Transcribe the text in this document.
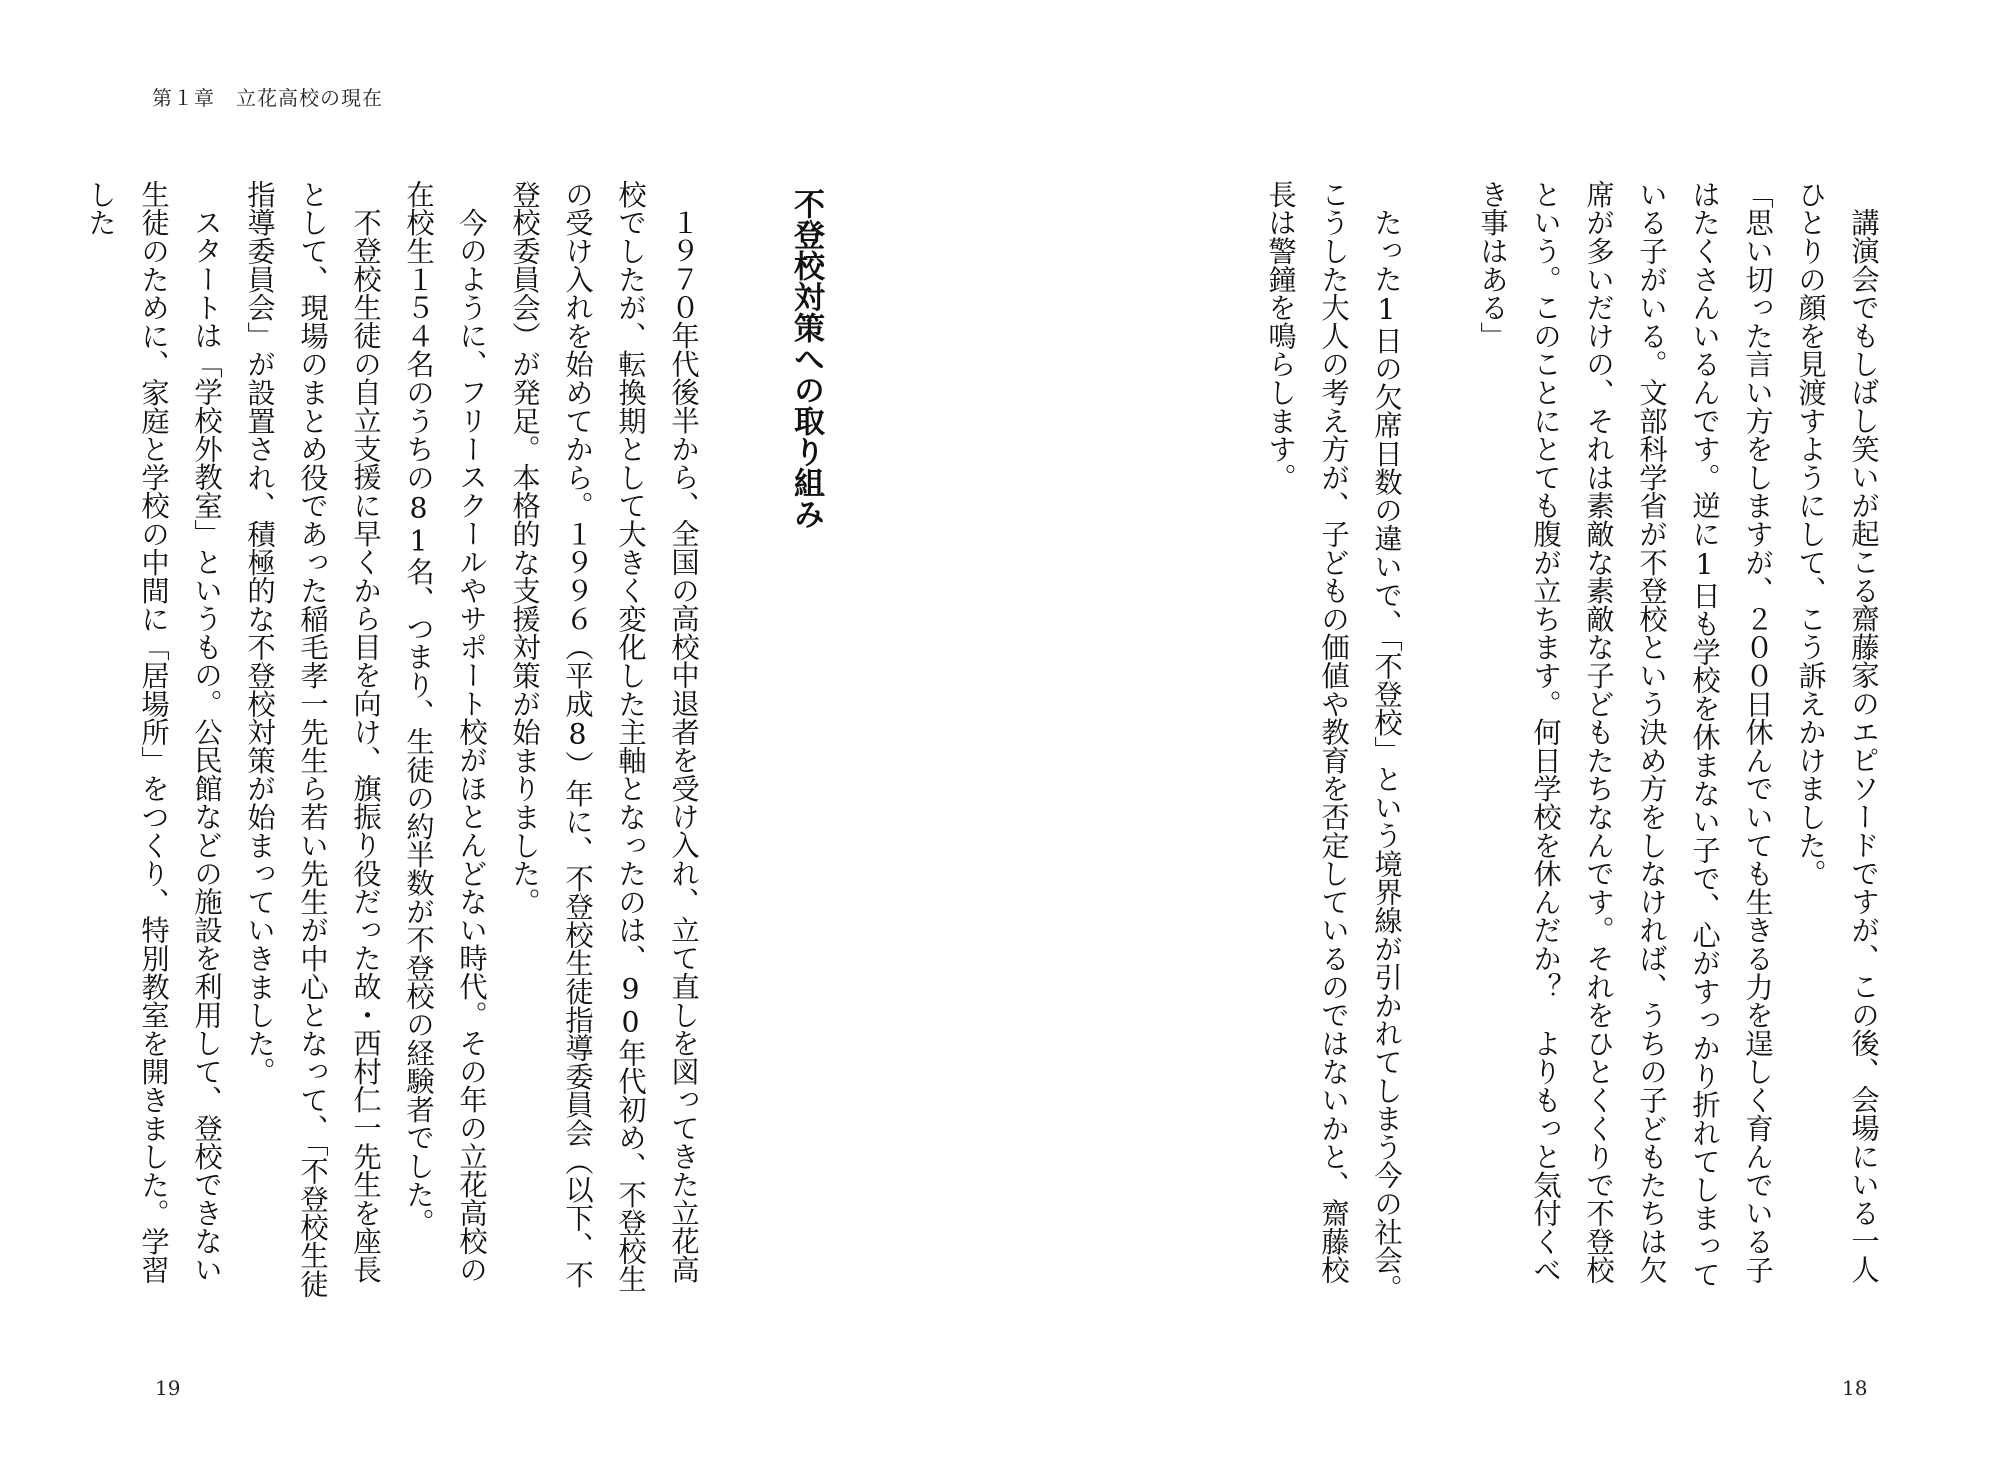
第１章　立花高校の現在
講演会でもしばし笑いが起こる齋藤家のエピソードですが、この後、会場にいる一人ひとりの顔を見渡すようにして、こう訴えかけました。
「思い切った言い方をしますが、２００日休んでいても生きる力を逞しく育んでいる子はたくさんいるんです。逆に1日も学校を休まない子で、心がすっかり折れてしまっている子がいる。文部科学省が不登校という決め方をしなければ、うちの子どもたちは欠席が多いだけの、それは素敵な素敵な子どもたちなんです。それをひとくくりで不登校という。このことにとても腹が立ちます。何日学校を休んだか？　よりもっと気付くべき事はある」
たった1日の欠席日数の違いで、「不登校」という境界線が引かれてしまう今の社会。こうした大人の考え方が、子どもの価値や教育を否定しているのではないかと、齋藤校長は警鐘を鳴らします。
不登校対策への取り組み
１９７０年代後半から、全国の高校中退者を受け入れ、立て直しを図ってきた立花高校でしたが、転換期として大きく変化した主軸となったのは、90年代初め、不登校生の受け入れを始めてから。１９９６（平成8）年に、不登校生徒指導委員会（以下、不登校委員会）が発足。本格的な支援対策が始まりました。
今のように、フリースクールやサポート校がほとんどない時代。その年の立花高校の在校生１５４名のうちの81名、つまり、生徒の約半数が不登校の経験者でした。
不登校生徒の自立支援に早くから目を向け、旗振り役だった故・西村仁一先生を座長として、現場のまとめ役であった稲毛孝一先生ら若い先生が中心となって、「不登校生徒指導委員会」が設置され、積極的な不登校対策が始まっていきました。
スタートは「学校外教室」というもの。公民館などの施設を利用して、登校できない生徒のために、家庭と学校の中間に「居場所」をつくり、特別教室を開きました。学習した
19	18
